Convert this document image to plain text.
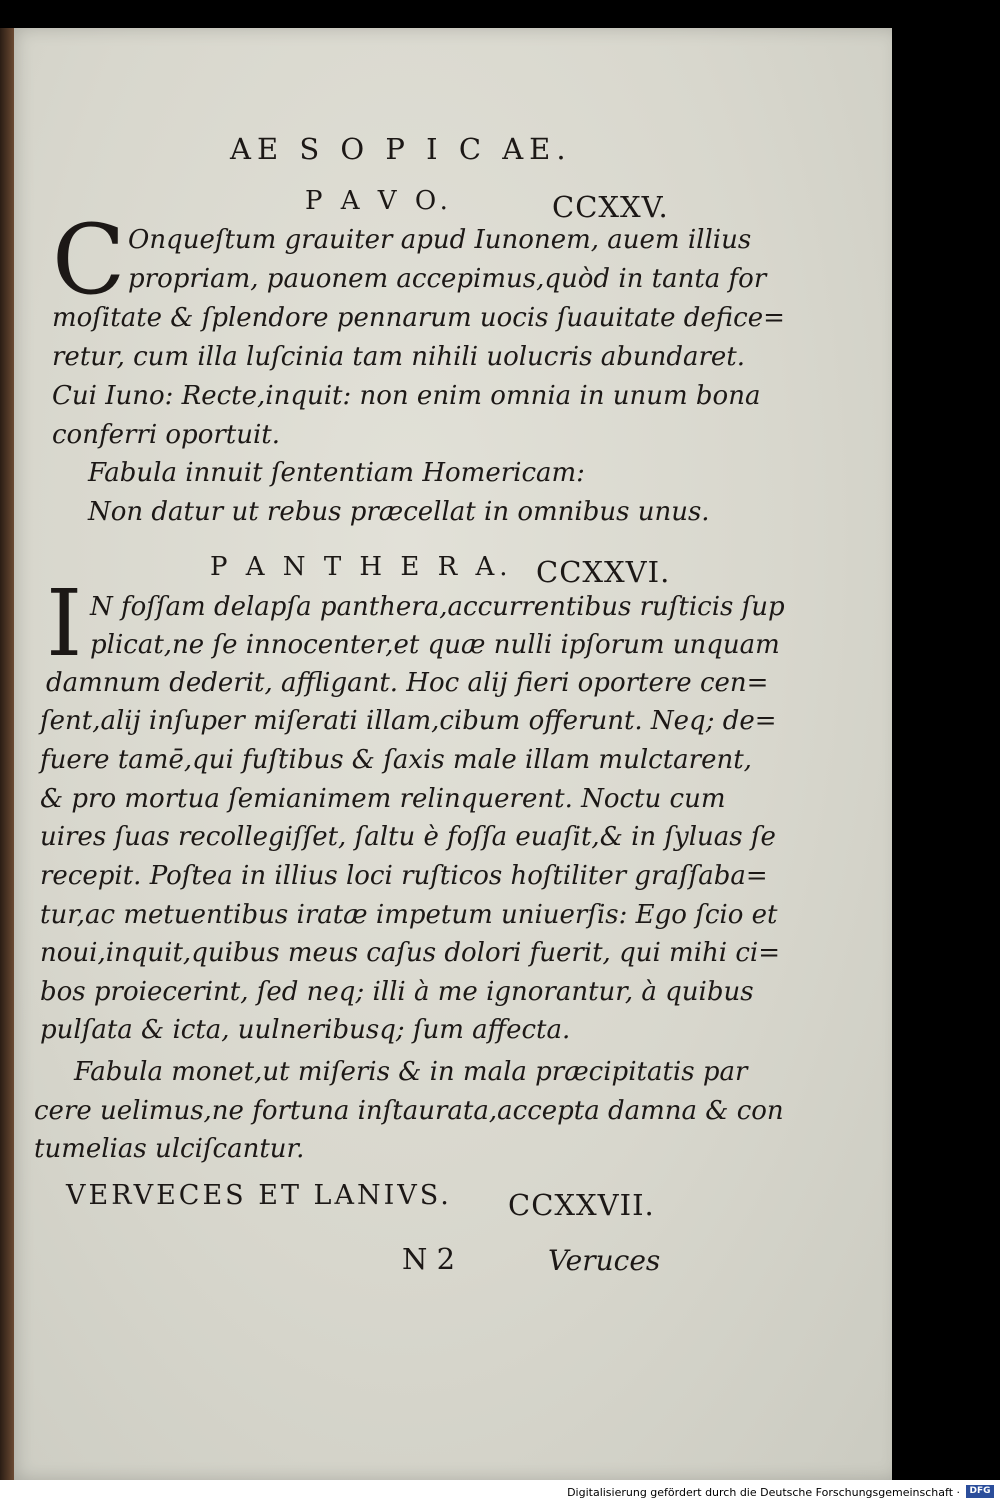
AE S O P I C AE.
P A V O.	CCXXV.
C Onqueſtum grauiter apud Iunonem, auem illius
propriam, pauonem accepimus,quòd in tanta for
moſitate & ſplendore pennarum uocis ſuauitate defice=
retur, cum illa luſcinia tam nihili uolucris abundaret.
Cui Iuno: Recte,inquit: non enim omnia in unum bona
conferri oportuit.
Fabula innuit ſententiam Homericam:
Non datur ut rebus præcellat in omnibus unus.
P A N T H E R A. CCXXVI.
I N foſſam delapſa panthera,accurrentibus ruſticis ſup
plicat,ne ſe innocenter,et quæ nulli ipſorum unquam
damnum dederit, affligant. Hoc alij fieri oportere cen=
ſent,alij inſuper miſerati illam,cibum offerunt. Neq; de=
fuere tamē,qui fuſtibus & ſaxis male illam mulctarent,
& pro mortua ſemianimem relinquerent. Noctu cum
uires ſuas recollegiſſet, ſaltu è foſſa euaſit,& in ſyluas ſe
recepit. Poſtea in illius loci ruſticos hoſtiliter graſſaba=
tur,ac metuentibus iratæ impetum uniuerſis: Ego ſcio et
noui,inquit,quibus meus caſus dolori fuerit, qui mihi ci=
bos proiecerint, ſed neq; illi à me ignorantur, à quibus
pulſata & icta, uulneribusq; ſum affecta.
Fabula monet,ut miſeris & in mala præcipitatis par
cere uelimus,ne fortuna inſtaurata,accepta damna & con
tumelias ulciſcantur.
VERVECES ET LANIVS. CCXXVII.
N 2	Veruces
Digitalisierung gefördert durch die Deutsche Forschungsgemeinschaft ·	DFG
